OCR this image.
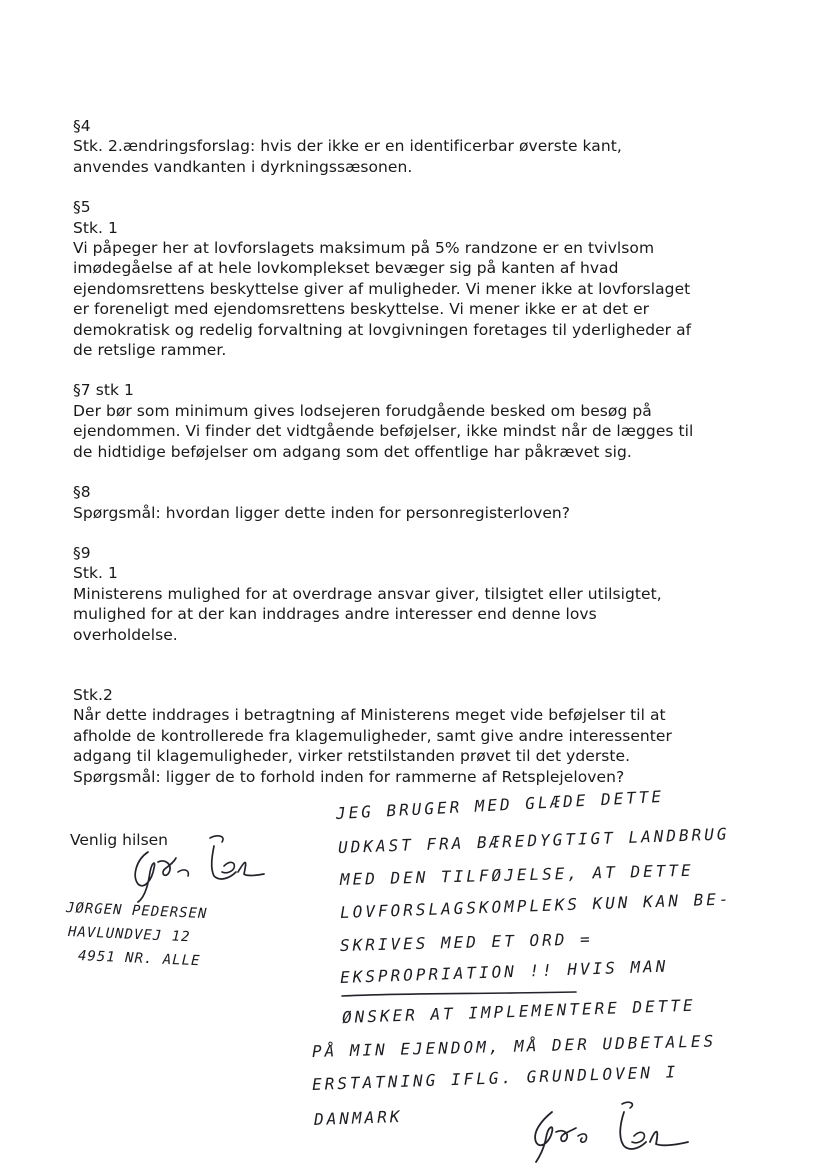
§4
Stk. 2.ændringsforslag: hvis der ikke er en identificerbar øverste kant,
anvendes vandkanten i dyrkningssæsonen.
§5
Stk. 1
Vi påpeger her at lovforslagets maksimum på 5% randzone er en tvivlsom
imødegåelse af at hele lovkomplekset bevæger sig på kanten af hvad
ejendomsrettens beskyttelse giver af muligheder. Vi mener ikke at lovforslaget
er foreneligt med ejendomsrettens beskyttelse. Vi mener ikke er at det er
demokratisk og redelig forvaltning at lovgivningen foretages til yderligheder af
de retslige rammer.
§7 stk 1
Der bør som minimum gives lodsejeren forudgående besked om besøg på
ejendommen. Vi finder det vidtgående beføjelser, ikke mindst når de lægges til
de hidtidige beføjelser om adgang som det offentlige har påkrævet sig.
§8
Spørgsmål: hvordan ligger dette inden for personregisterloven?
§9
Stk. 1
Ministerens mulighed for at overdrage ansvar giver, tilsigtet eller utilsigtet,
mulighed for at der kan inddrages andre interesser end denne lovs
overholdelse.
Stk.2
Når dette inddrages i betragtning af Ministerens meget vide beføjelser til at
afholde de kontrollerede fra klagemuligheder, samt give andre interessenter
adgang til klagemuligheder, virker retstilstanden prøvet til det yderste.
Spørgsmål: ligger de to forhold inden for rammerne af Retsplejeloven?
Venlig hilsen
JØRGEN PEDERSEN
HAVLUNDVEJ 12
4951 NR. ALLE
JEG BRUGER MED GLÆDE DETTE
UDKAST FRA BÆREDYGTIGT LANDBRUG
MED DEN TILFØJELSE, AT DETTE
LOVFORSLAGSKOMPLEKS KUN KAN BE-
SKRIVES MED ET ORD =
EKSPROPRIATION !! HVIS MAN
ØNSKER AT IMPLEMENTERE DETTE
PÅ MIN EJENDOM, MÅ DER UDBETALES
ERSTATNING IFLG. GRUNDLOVEN I
DANMARK
